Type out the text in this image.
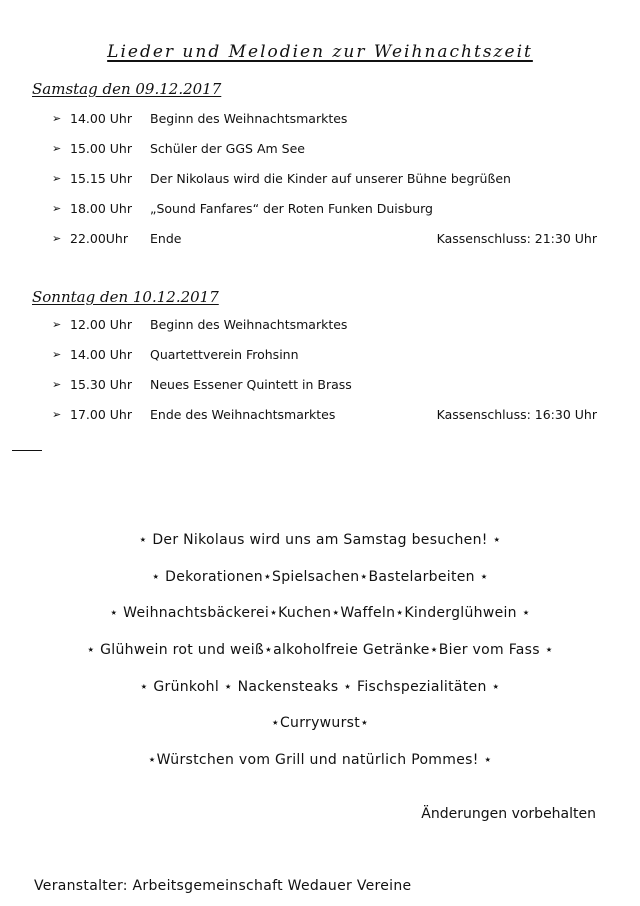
Lieder und Melodien zur Weihnachtszeit
Samstag den 09.12.2017
➢ 14.00 Uhr Beginn des Weihnachtsmarktes
➢ 15.00 Uhr Schüler der GGS Am See
➢ 15.15 Uhr Der Nikolaus wird die Kinder auf unserer Bühne begrüßen
➢ 18.00 Uhr „Sound Fanfares“ der Roten Funken Duisburg
➢ 22.00Uhr Ende	Kassenschluss: 21:30 Uhr
Sonntag den 10.12.2017
➢ 12.00 Uhr Beginn des Weihnachtsmarktes
➢ 14.00 Uhr Quartettverein Frohsinn
➢ 15.30 Uhr Neues Essener Quintett in Brass
➢ 17.00 Uhr Ende des Weihnachtsmarktes	Kassenschluss: 16:30 Uhr
⋆ Der Nikolaus wird uns am Samstag besuchen! ⋆
⋆ Dekorationen⋆Spielsachen⋆Bastelarbeiten ⋆
⋆ Weihnachtsbäckerei⋆Kuchen⋆Waffeln⋆Kinderglühwein ⋆
⋆ Glühwein rot und weiß⋆alkoholfreie Getränke⋆Bier vom Fass ⋆
⋆ Grünkohl ⋆ Nackensteaks ⋆ Fischspezialitäten ⋆
⋆Currywurst⋆
⋆Würstchen vom Grill und natürlich Pommes! ⋆
Änderungen vorbehalten
Veranstalter: Arbeitsgemeinschaft Wedauer Vereine
